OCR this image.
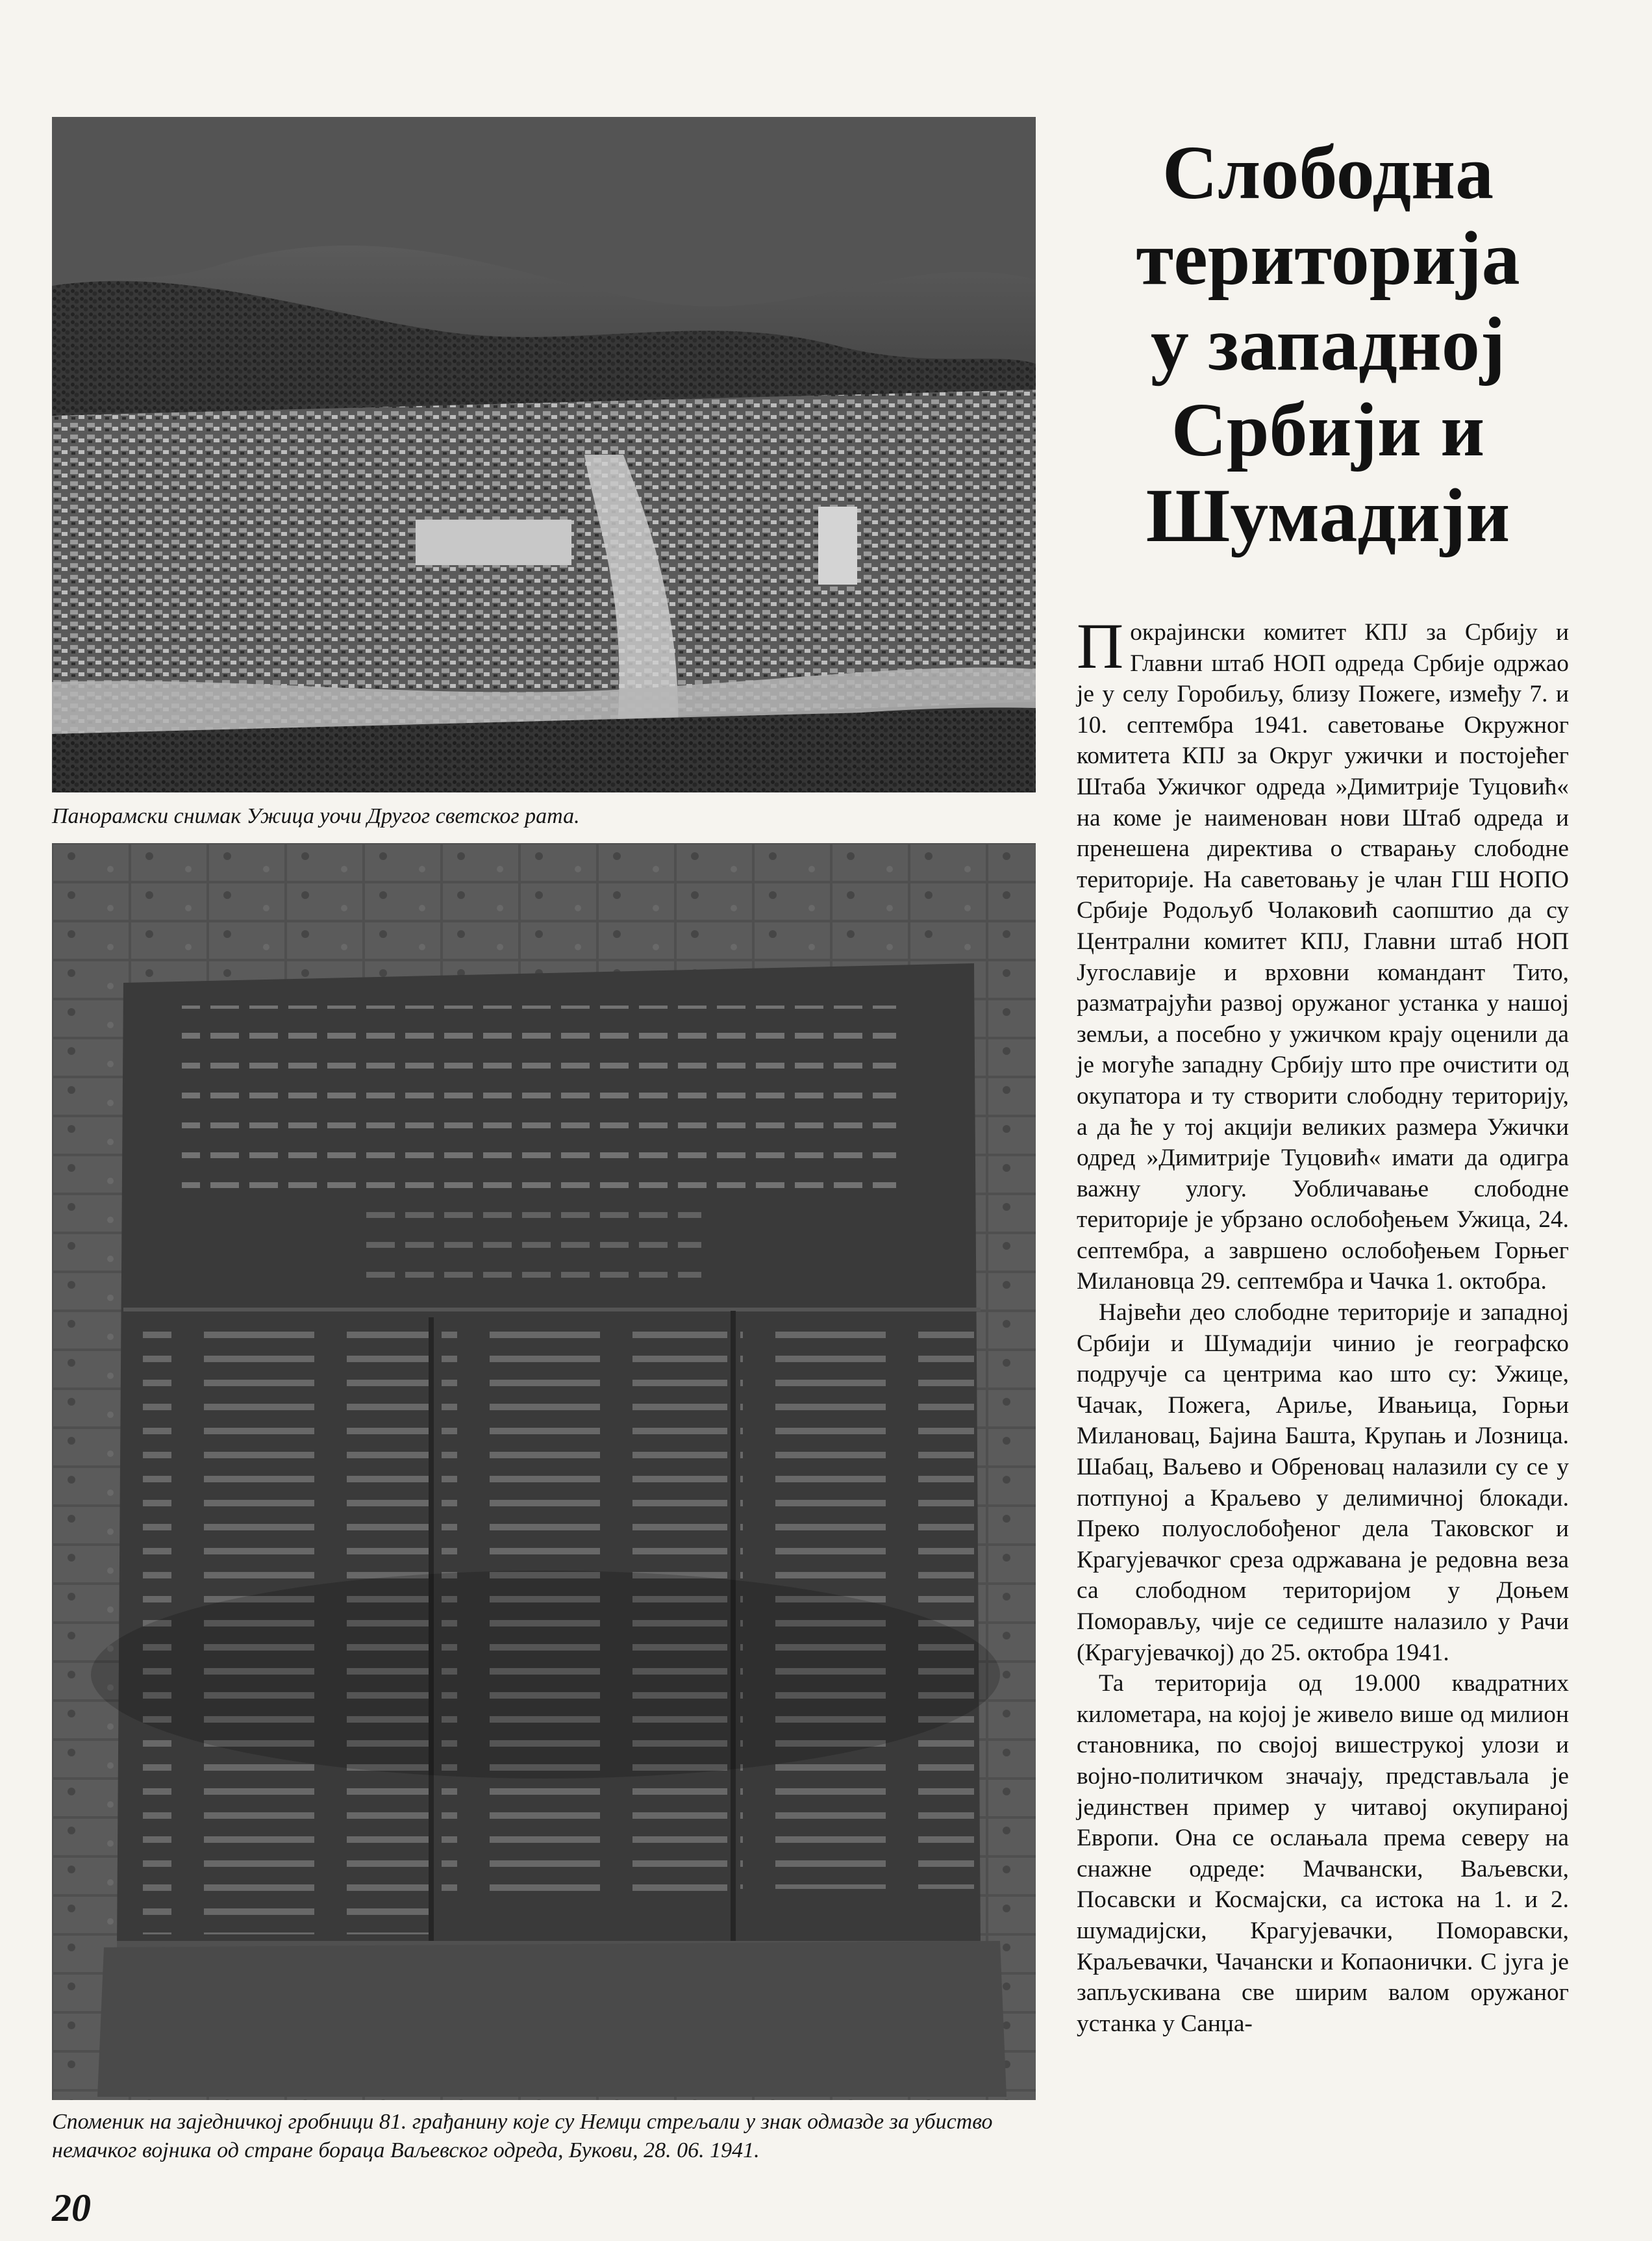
Панорамски снимак Ужица уочи Другог светског рата.
Споменик на заједничкој гробници 81. грађанину које су Немци стрељали у знак одмазде за убиство немачког војника од стране бораца Ваљевског одреда, Букови, 28. 06. 1941.
Слободна
територија
у западној
Србији и
Шумадији

Покрајински комитет КПЈ за Србију и Главни штаб НОП одреда Србије одржао је у селу Горобиљу, близу Пожеге, између 7. и 10. септембра 1941. саветовање Окружног комитета КПЈ за Округ ужички и постојећег Штаба Ужичког одреда »Димитрије Туцовић« на коме је наименован нови Штаб одреда и пренешена директива о стварању слободне територије. На саветовању је члан ГШ НОПО Србије Родољуб Чолаковић саопштио да су Централни комитет КПЈ, Главни штаб НОП Југославије и врховни командант Тито, разматрајући развој оружаног устанка у нашој земљи, а посебно у ужичком крају оценили да је могуће западну Србију што пре очистити од окупатора и ту створити слободну територију, а да ће у тој акцији великих размера Ужички одред »Димитрије Туцовић« имати да одигра важну улогу. Уобличавање слободне територије је убрзано ослобођењем Ужица, 24. септембра, а завршено ослобођењем Горњег Милановца 29. септембра и Чачка 1. октобра.

Највећи део слободне територије и западној Србији и Шумадији чинио је географско подручје са центрима као што су: Ужице, Чачак, Пожега, Ариље, Ивањица, Горњи Милановац, Бајина Башта, Крупањ и Лозница. Шабац, Ваљево и Обреновац налазили су се у потпуној а Краљево у делимичној блокади. Преко полуослобођеног дела Таковског и Крагујевачког среза одржавана је редовна веза са слободном територијом у Доњем Поморављу, чије се седиште налазило у Рачи (Крагујевачкој) до 25. октобра 1941.

Та територија од 19.000 квадратних километара, на којој је живело више од милион становника, по својој вишеструкој улози и војно-политичком значају, представљала је јединствен пример у читавој окупираној Европи. Она се ослањала према северу на снажне одреде: Мачвански, Ваљевски, Посавски и Космајски, са истока на 1. и 2. шумадијски, Крагујевачки, Поморавски, Краљевачки, Чачански и Копаонички. С југа је запљускивана све ширим валом оружаног устанка у Санџа-

20
